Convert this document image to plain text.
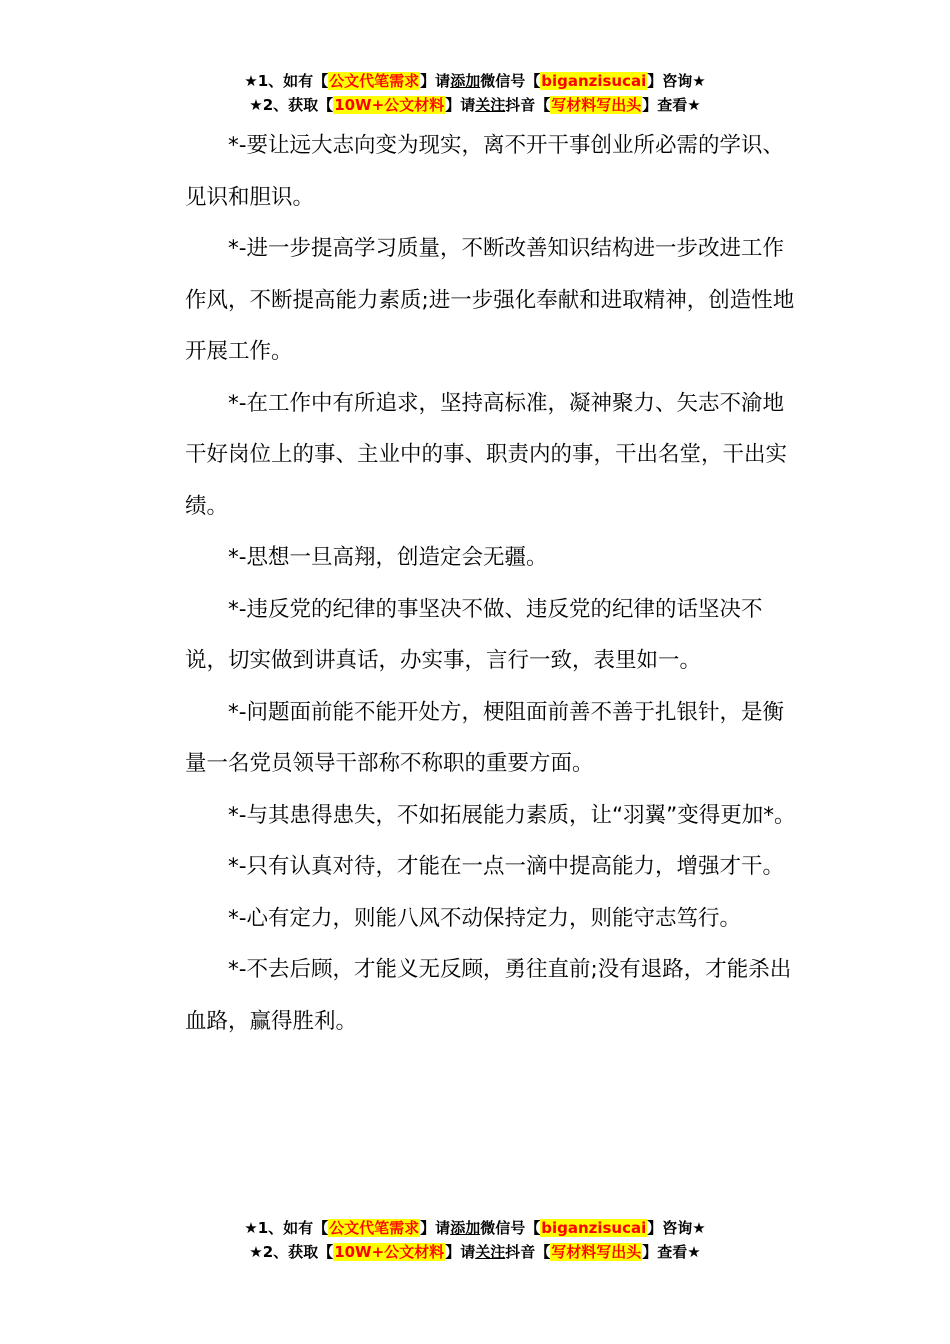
★1、如有【公文代笔需求】请添加微信号【biganzisucai】咨询★
★2、获取【10W+公文材料】请关注抖音【写材料写出头】查看★

*-要让远大志向变为现实，离不开干事创业所必需的学识、见识和胆识。

*-进一步提高学习质量，不断改善知识结构进一步改进工作作风，不断提高能力素质;进一步强化奉献和进取精神，创造性地开展工作。

*-在工作中有所追求，坚持高标准，凝神聚力、矢志不渝地干好岗位上的事、主业中的事、职责内的事，干出名堂，干出实绩。

*-思想一旦高翔，创造定会无疆。

*-违反党的纪律的事坚决不做、违反党的纪律的话坚决不说，切实做到讲真话，办实事，言行一致，表里如一。

*-问题面前能不能开处方，梗阻面前善不善于扎银针，是衡量一名党员领导干部称不称职的重要方面。

*-与其患得患失，不如拓展能力素质，让“羽翼”变得更加*。

*-只有认真对待，才能在一点一滴中提高能力，增强才干。

*-心有定力，则能八风不动保持定力，则能守志笃行。

*-不去后顾，才能义无反顾，勇往直前;没有退路，才能杀出血路，赢得胜利。

★1、如有【公文代笔需求】请添加微信号【biganzisucai】咨询★
★2、获取【10W+公文材料】请关注抖音【写材料写出头】查看★
